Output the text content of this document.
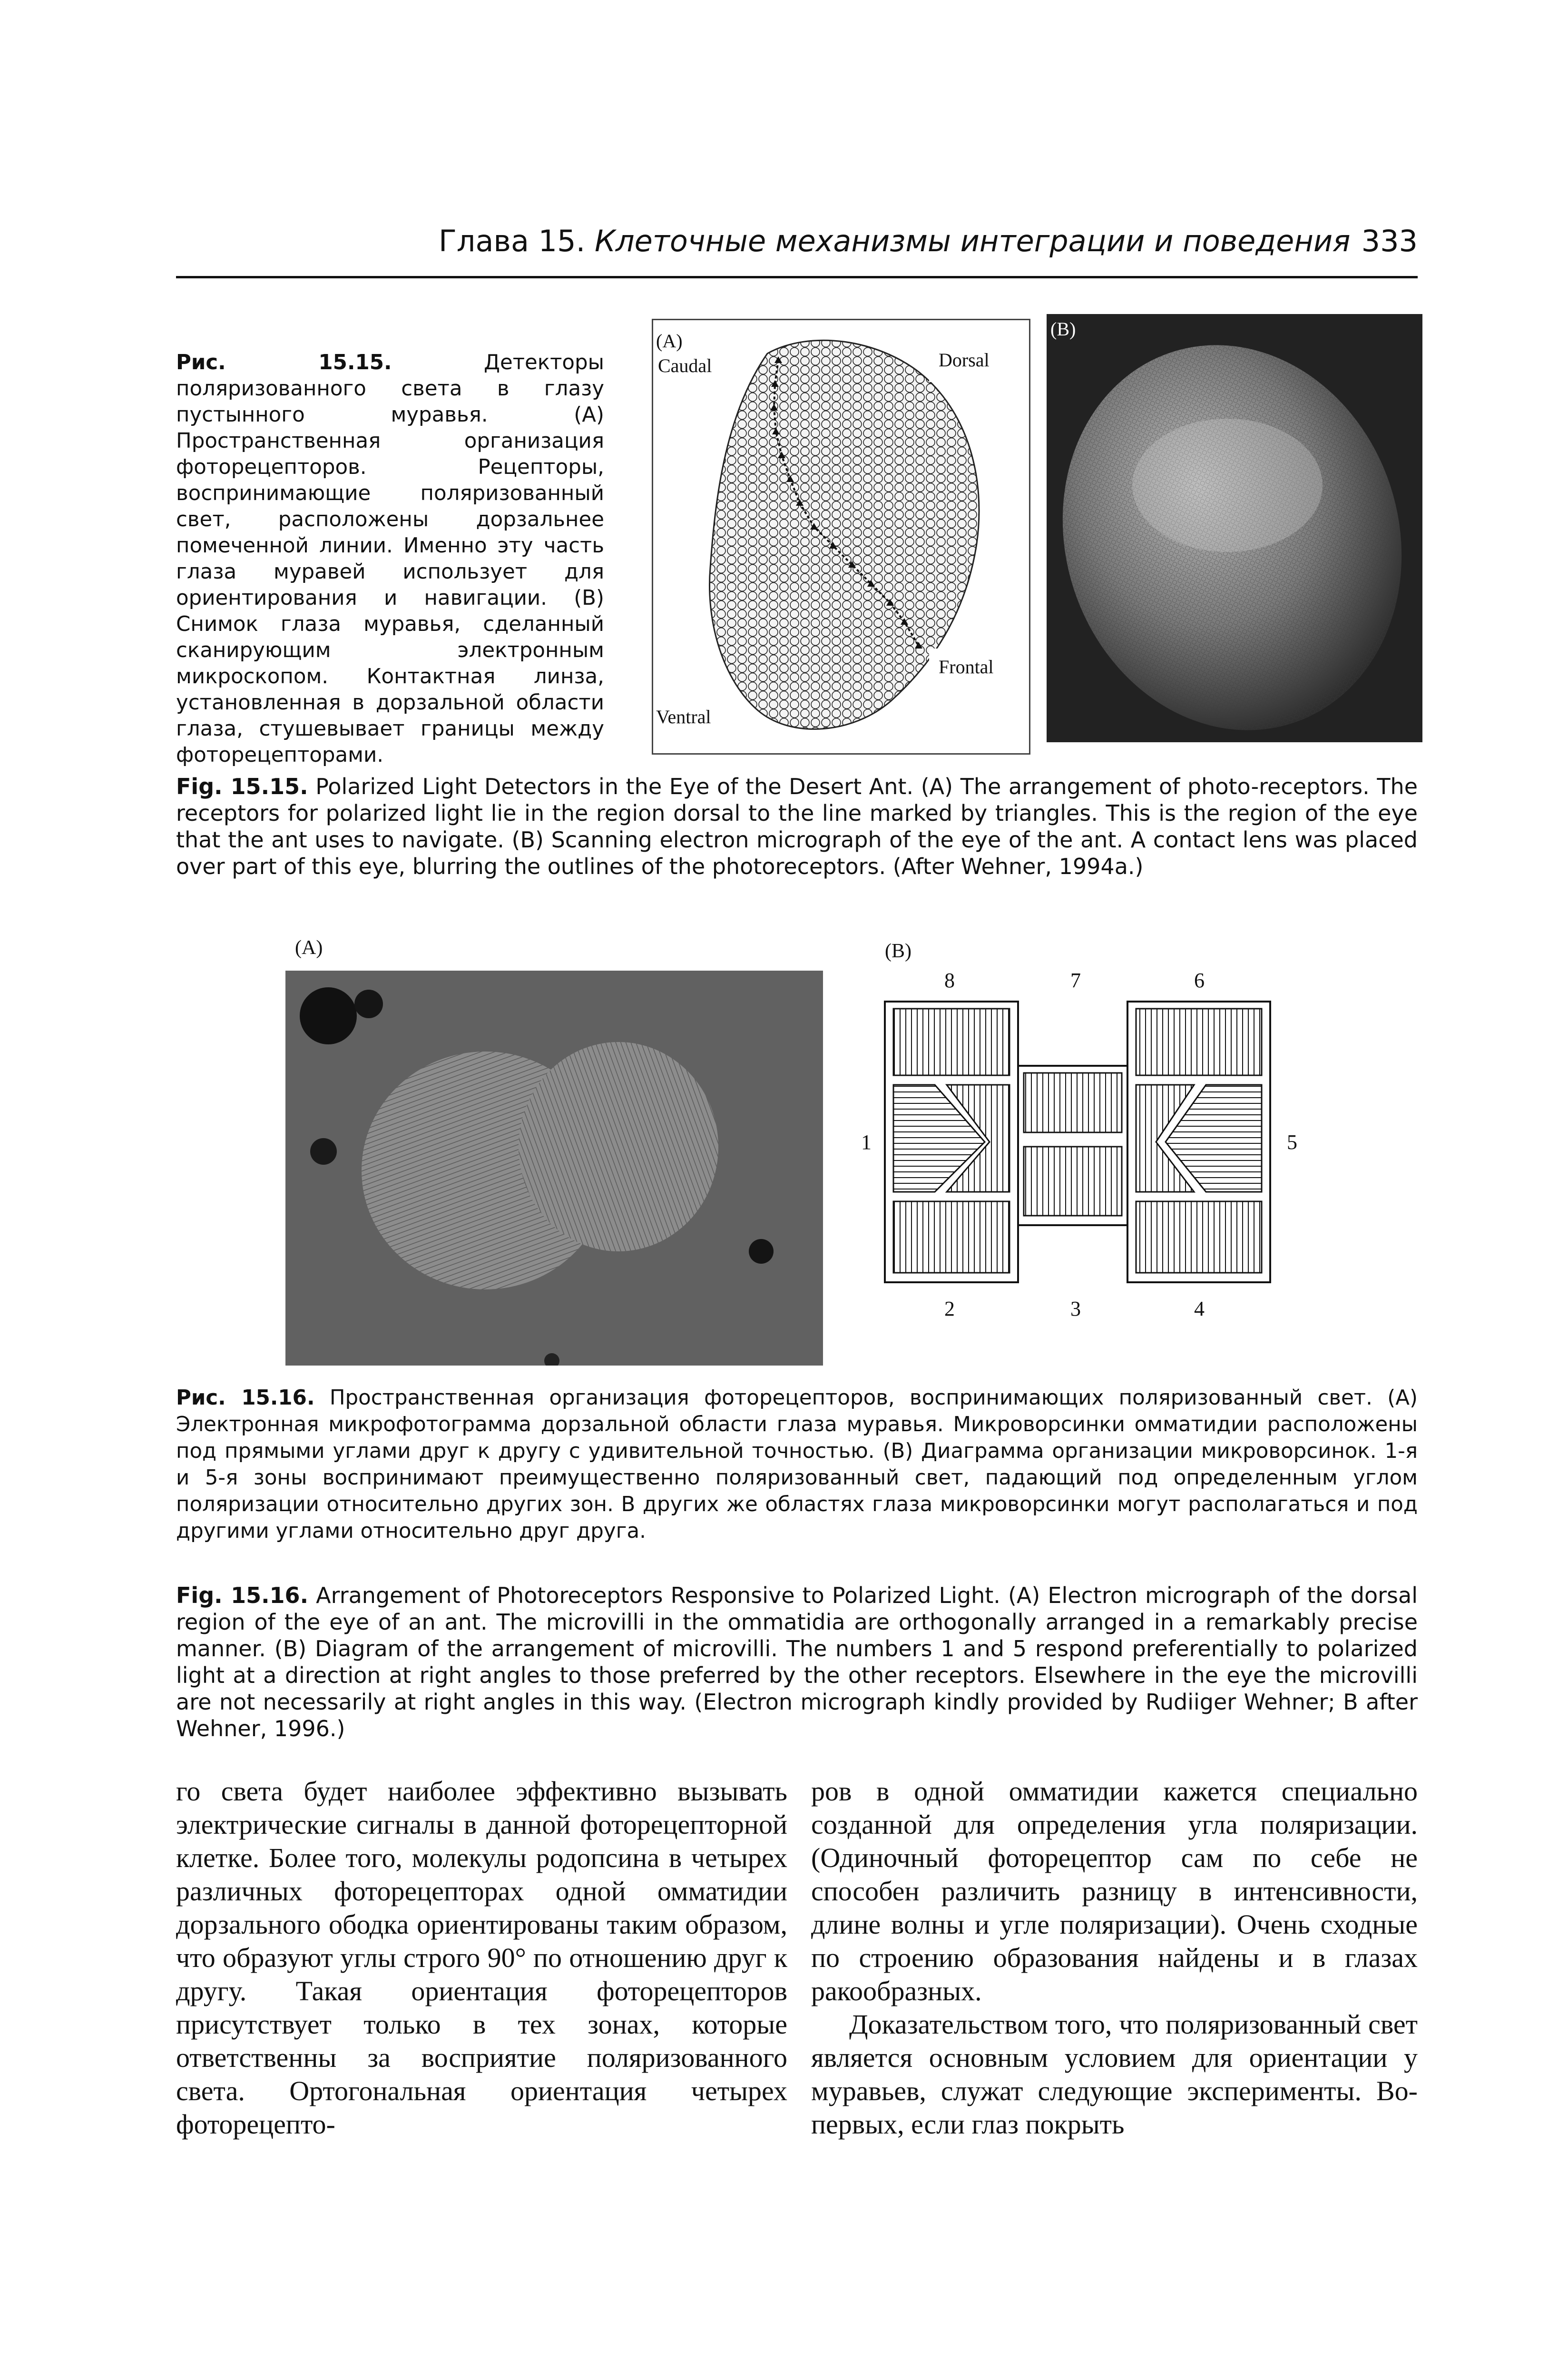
Глава 15. Клеточные механизмы интеграции и поведения 333
Рис. 15.15.	Детекторы поляризованного света в глазу пустынного муравья. (А) Пространственная организация фоторецепторов. Рецепторы, воспринимающие поляризованный свет, расположены дорзальнее помеченной линии. Именно эту часть глаза муравей использует для ориентирования и навигации. (В) Снимок глаза муравья, сделанный сканирующим электронным микроскопом. Контактная линза, установленная в дорзальной области глаза, стушевывает границы между фоторецепторами.
(A)
Caudal	Dorsal
Frontal
Ventral
(B)
Fig. 15.15. Polarized Light Detectors in the Eye of the Desert Ant. (A) The arrangement of photo-receptors. The receptors for polarized light lie in the region dorsal to the line marked by triangles. This is the region of the eye that the ant uses to navigate. (B) Scanning electron micrograph of the eye of the ant. A contact lens was placed over part of this eye, blurring the outlines of the photoreceptors. (After Wehner, 1994a.)
(A)	(B)
8	7	6
1	5
2	3	4
Рис. 15.16. Пространственная организация фоторецепторов, воспринимающих поляризованный свет. (А) Электронная микрофотограмма дорзальной области глаза муравья. Микроворсинки омматидии расположены под прямыми углами друг к другу с удивительной точностью. (В) Диаграмма организации микроворсинок. 1-я и 5-я зоны воспринимают преимущественно поляризованный свет, падающий под определенным углом поляризации относительно других зон. В других же областях глаза микроворсинки могут располагаться и под другими углами относительно друг друга.
Fig. 15.16. Arrangement of Photoreceptors Responsive to Polarized Light. (A) Electron micrograph of the dorsal region of the eye of an ant. The microvilli in the ommatidia are orthogonally arranged in a remarkably precise manner. (B) Diagram of the arrangement of microvilli. The numbers 1 and 5 respond preferentially to polarized light at a direction at right angles to those preferred by the other receptors. Elsewhere in the eye the microvilli are not necessarily at right angles in this way. (Electron micrograph kindly provided by Rudiiger Wehner; B after Wehner, 1996.)
го света будет наиболее эффективно вызывать электрические сигналы в данной фоторецепторной клетке. Более того, молекулы родопсина в четырех различных фоторецепторах одной омматидии дорзального ободка ориентированы таким образом, что образуют углы строго 90° по отношению друг к другу. Такая ориентация фоторецепторов присутствует только в тех зонах, которые ответственны за восприятие поляризованного света. Ортогональная ориентация четырех фоторецепто-

ров в одной омматидии кажется специально созданной для определения угла поляризации. (Одиночный фоторецептор сам по себе не способен различить разницу в интенсивности, длине волны и угле поляризации). Очень сходные по строению образования найдены и в глазах ракообразных.

Доказательством того, что поляризованный свет является основным условием для ориентации у муравьев, служат следующие эксперименты. Во-первых, если глаз покрыть
